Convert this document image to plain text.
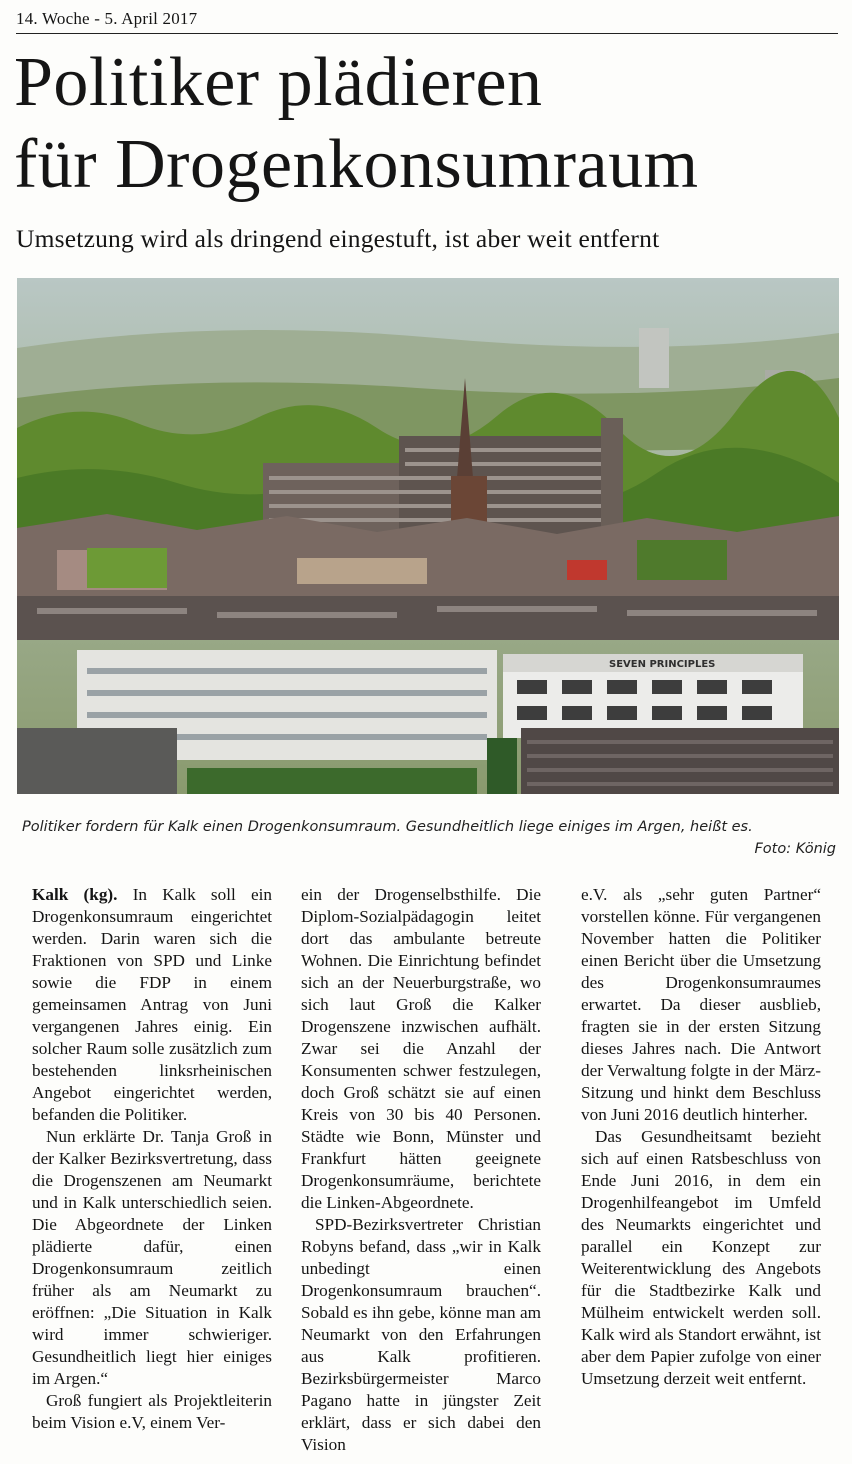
14. Woche - 5. April 2017
Politiker plädieren
für Drogenkonsumraum
Umsetzung wird als dringend eingestuft, ist aber weit entfernt
SEVEN PRINCIPLES
Politiker fordern für Kalk einen Drogenkonsumraum. Gesundheitlich liege einiges im Argen, heißt es.
Foto: König

Kalk (kg). In Kalk soll ein Drogenkonsumraum eingerichtet werden. Darin waren sich die Fraktionen von SPD und Linke sowie die FDP in einem gemeinsamen Antrag von Juni vergangenen Jahres einig. Ein solcher Raum solle zusätzlich zum bestehenden linksrheinischen Angebot eingerichtet werden, befanden die Politiker.

Nun erklärte Dr. Tanja Groß in der Kalker Bezirksvertretung, dass die Drogenszenen am Neumarkt und in Kalk unterschiedlich seien. Die Abgeordnete der Linken plädierte dafür, einen Drogenkonsumraum zeitlich früher als am Neumarkt zu eröffnen: „Die Situation in Kalk wird immer schwieriger. Gesundheitlich liegt hier einiges im Argen.“

Groß fungiert als Projektleiterin beim Vision e.V, einem Ver-

ein der Drogenselbsthilfe. Die Diplom-Sozialpädagogin leitet dort das ambulante betreute Wohnen. Die Einrichtung befindet sich an der Neuerburgstraße, wo sich laut Groß die Kalker Drogenszene inzwischen aufhält. Zwar sei die Anzahl der Konsumenten schwer festzulegen, doch Groß schätzt sie auf einen Kreis von 30 bis 40 Personen. Städte wie Bonn, Münster und Frankfurt hätten geeignete Drogenkonsumräume, berichtete die Linken-Abgeordnete.

SPD-Bezirksvertreter Christian Robyns befand, dass „wir in Kalk unbedingt einen Drogenkonsumraum brauchen“. Sobald es ihn gebe, könne man am Neumarkt von den Erfahrungen aus Kalk profitieren. Bezirksbürgermeister Marco Pagano hatte in jüngster Zeit erklärt, dass er sich dabei den Vision

e.V. als „sehr guten Partner“ vorstellen könne. Für vergangenen November hatten die Politiker einen Bericht über die Umsetzung des Drogenkonsumraumes erwartet. Da dieser ausblieb, fragten sie in der ersten Sitzung dieses Jahres nach. Die Antwort der Verwaltung folgte in der März-Sitzung und hinkt dem Beschluss von Juni 2016 deutlich hinterher.

Das Gesundheitsamt bezieht sich auf einen Ratsbeschluss von Ende Juni 2016, in dem ein Drogenhilfeangebot im Umfeld des Neumarkts eingerichtet und parallel ein Konzept zur Weiterentwicklung des Angebots für die Stadtbezirke Kalk und Mülheim entwickelt werden soll. Kalk wird als Standort erwähnt, ist aber dem Papier zufolge von einer Umsetzung derzeit weit entfernt.
